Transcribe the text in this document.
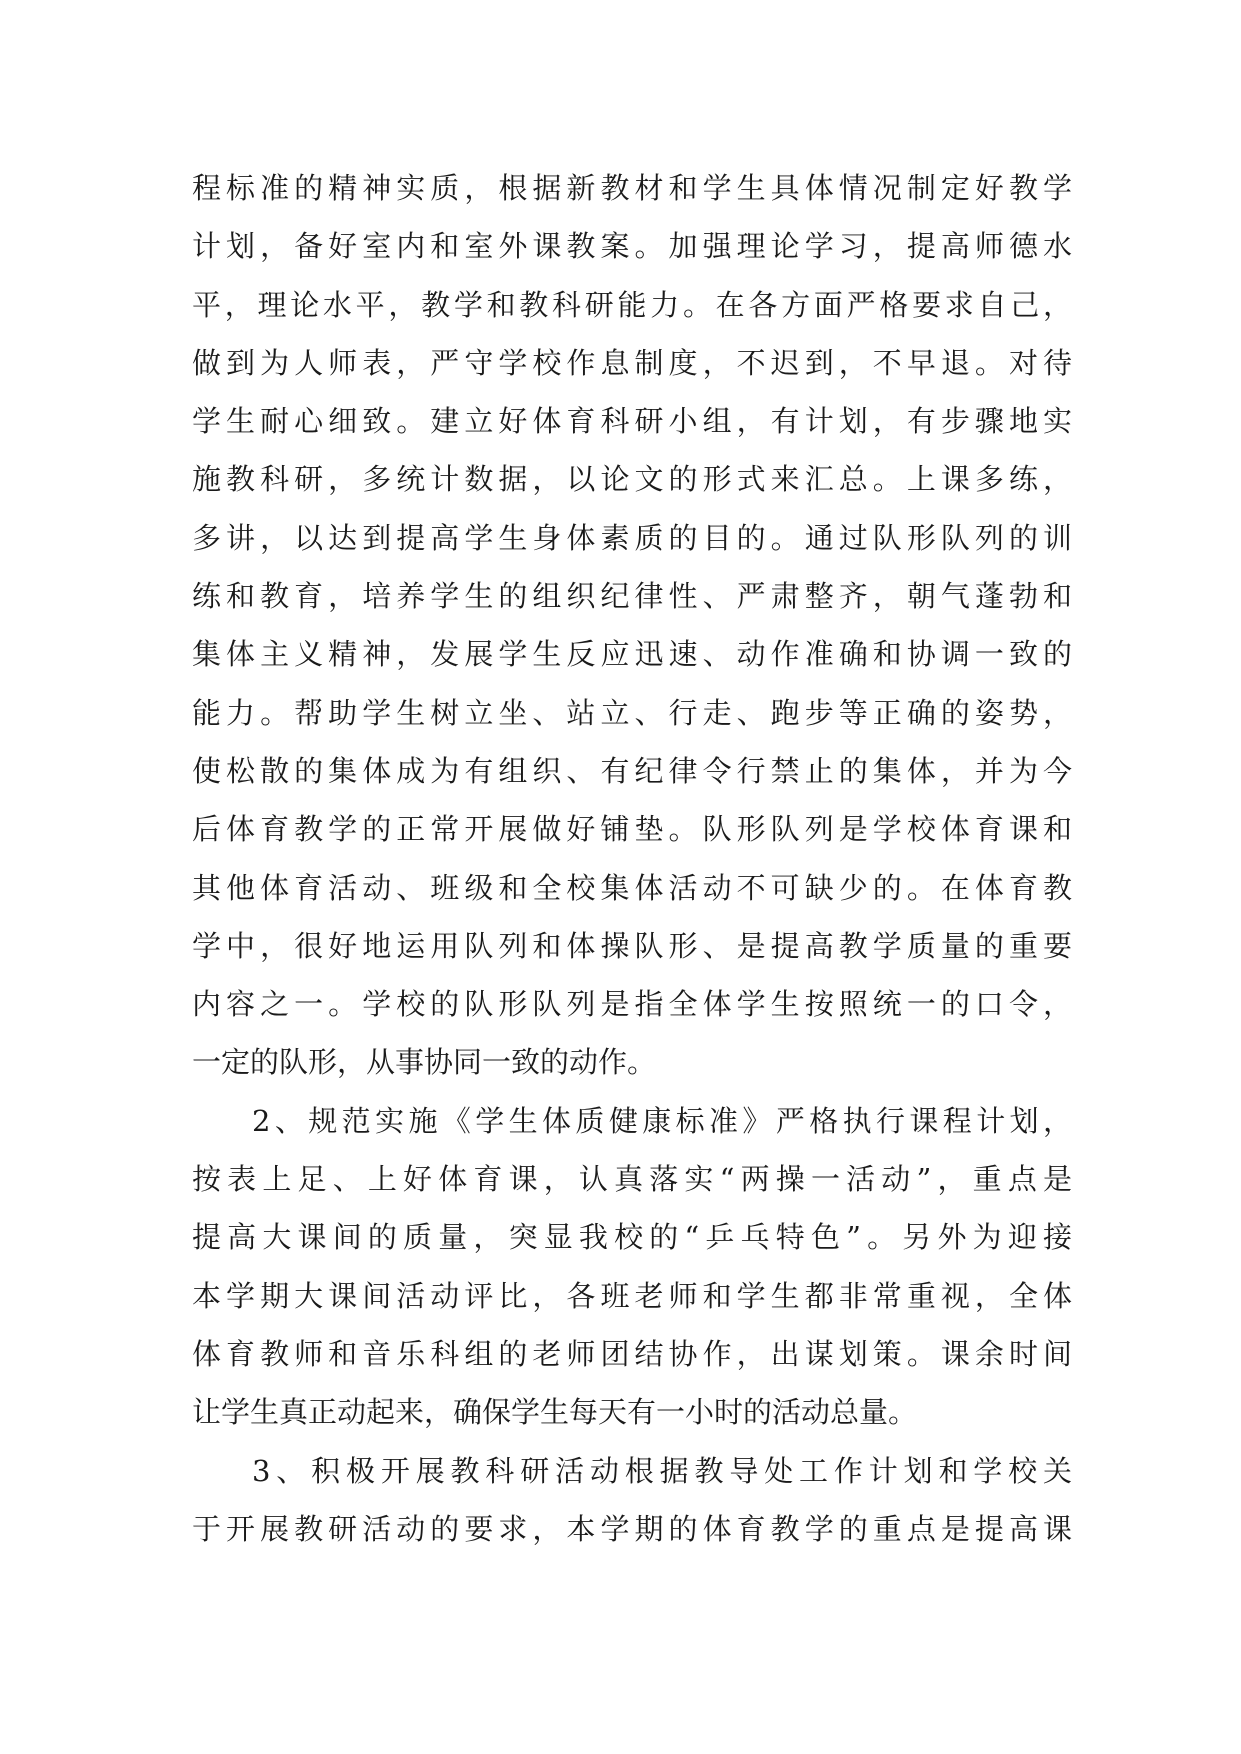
程标准的精神实质，根据新教材和学生具体情况制定好教学
计划，备好室内和室外课教案。加强理论学习，提高师德水
平，理论水平，教学和教科研能力。在各方面严格要求自己，
做到为人师表，严守学校作息制度，不迟到，不早退。对待
学生耐心细致。建立好体育科研小组，有计划，有步骤地实
施教科研，多统计数据，以论文的形式来汇总。上课多练，
多讲，以达到提高学生身体素质的目的。通过队形队列的训
练和教育，培养学生的组织纪律性、严肃整齐，朝气蓬勃和
集体主义精神，发展学生反应迅速、动作准确和协调一致的
能力。帮助学生树立坐、站立、行走、跑步等正确的姿势，
使松散的集体成为有组织、有纪律令行禁止的集体，并为今
后体育教学的正常开展做好铺垫。队形队列是学校体育课和
其他体育活动、班级和全校集体活动不可缺少的。在体育教
学中，很好地运用队列和体操队形、是提高教学质量的重要
内容之一。学校的队形队列是指全体学生按照统一的口令，
一定的队形，从事协同一致的动作。
2、规范实施《学生体质健康标准》严格执行课程计划，
按表上足、上好体育课，认真落实“两操一活动”，重点是
提高大课间的质量，突显我校的“乒乓特色”。另外为迎接
本学期大课间活动评比，各班老师和学生都非常重视，全体
体育教师和音乐科组的老师团结协作，出谋划策。课余时间
让学生真正动起来，确保学生每天有一小时的活动总量。
3、积极开展教科研活动根据教导处工作计划和学校关
于开展教研活动的要求，本学期的体育教学的重点是提高课
